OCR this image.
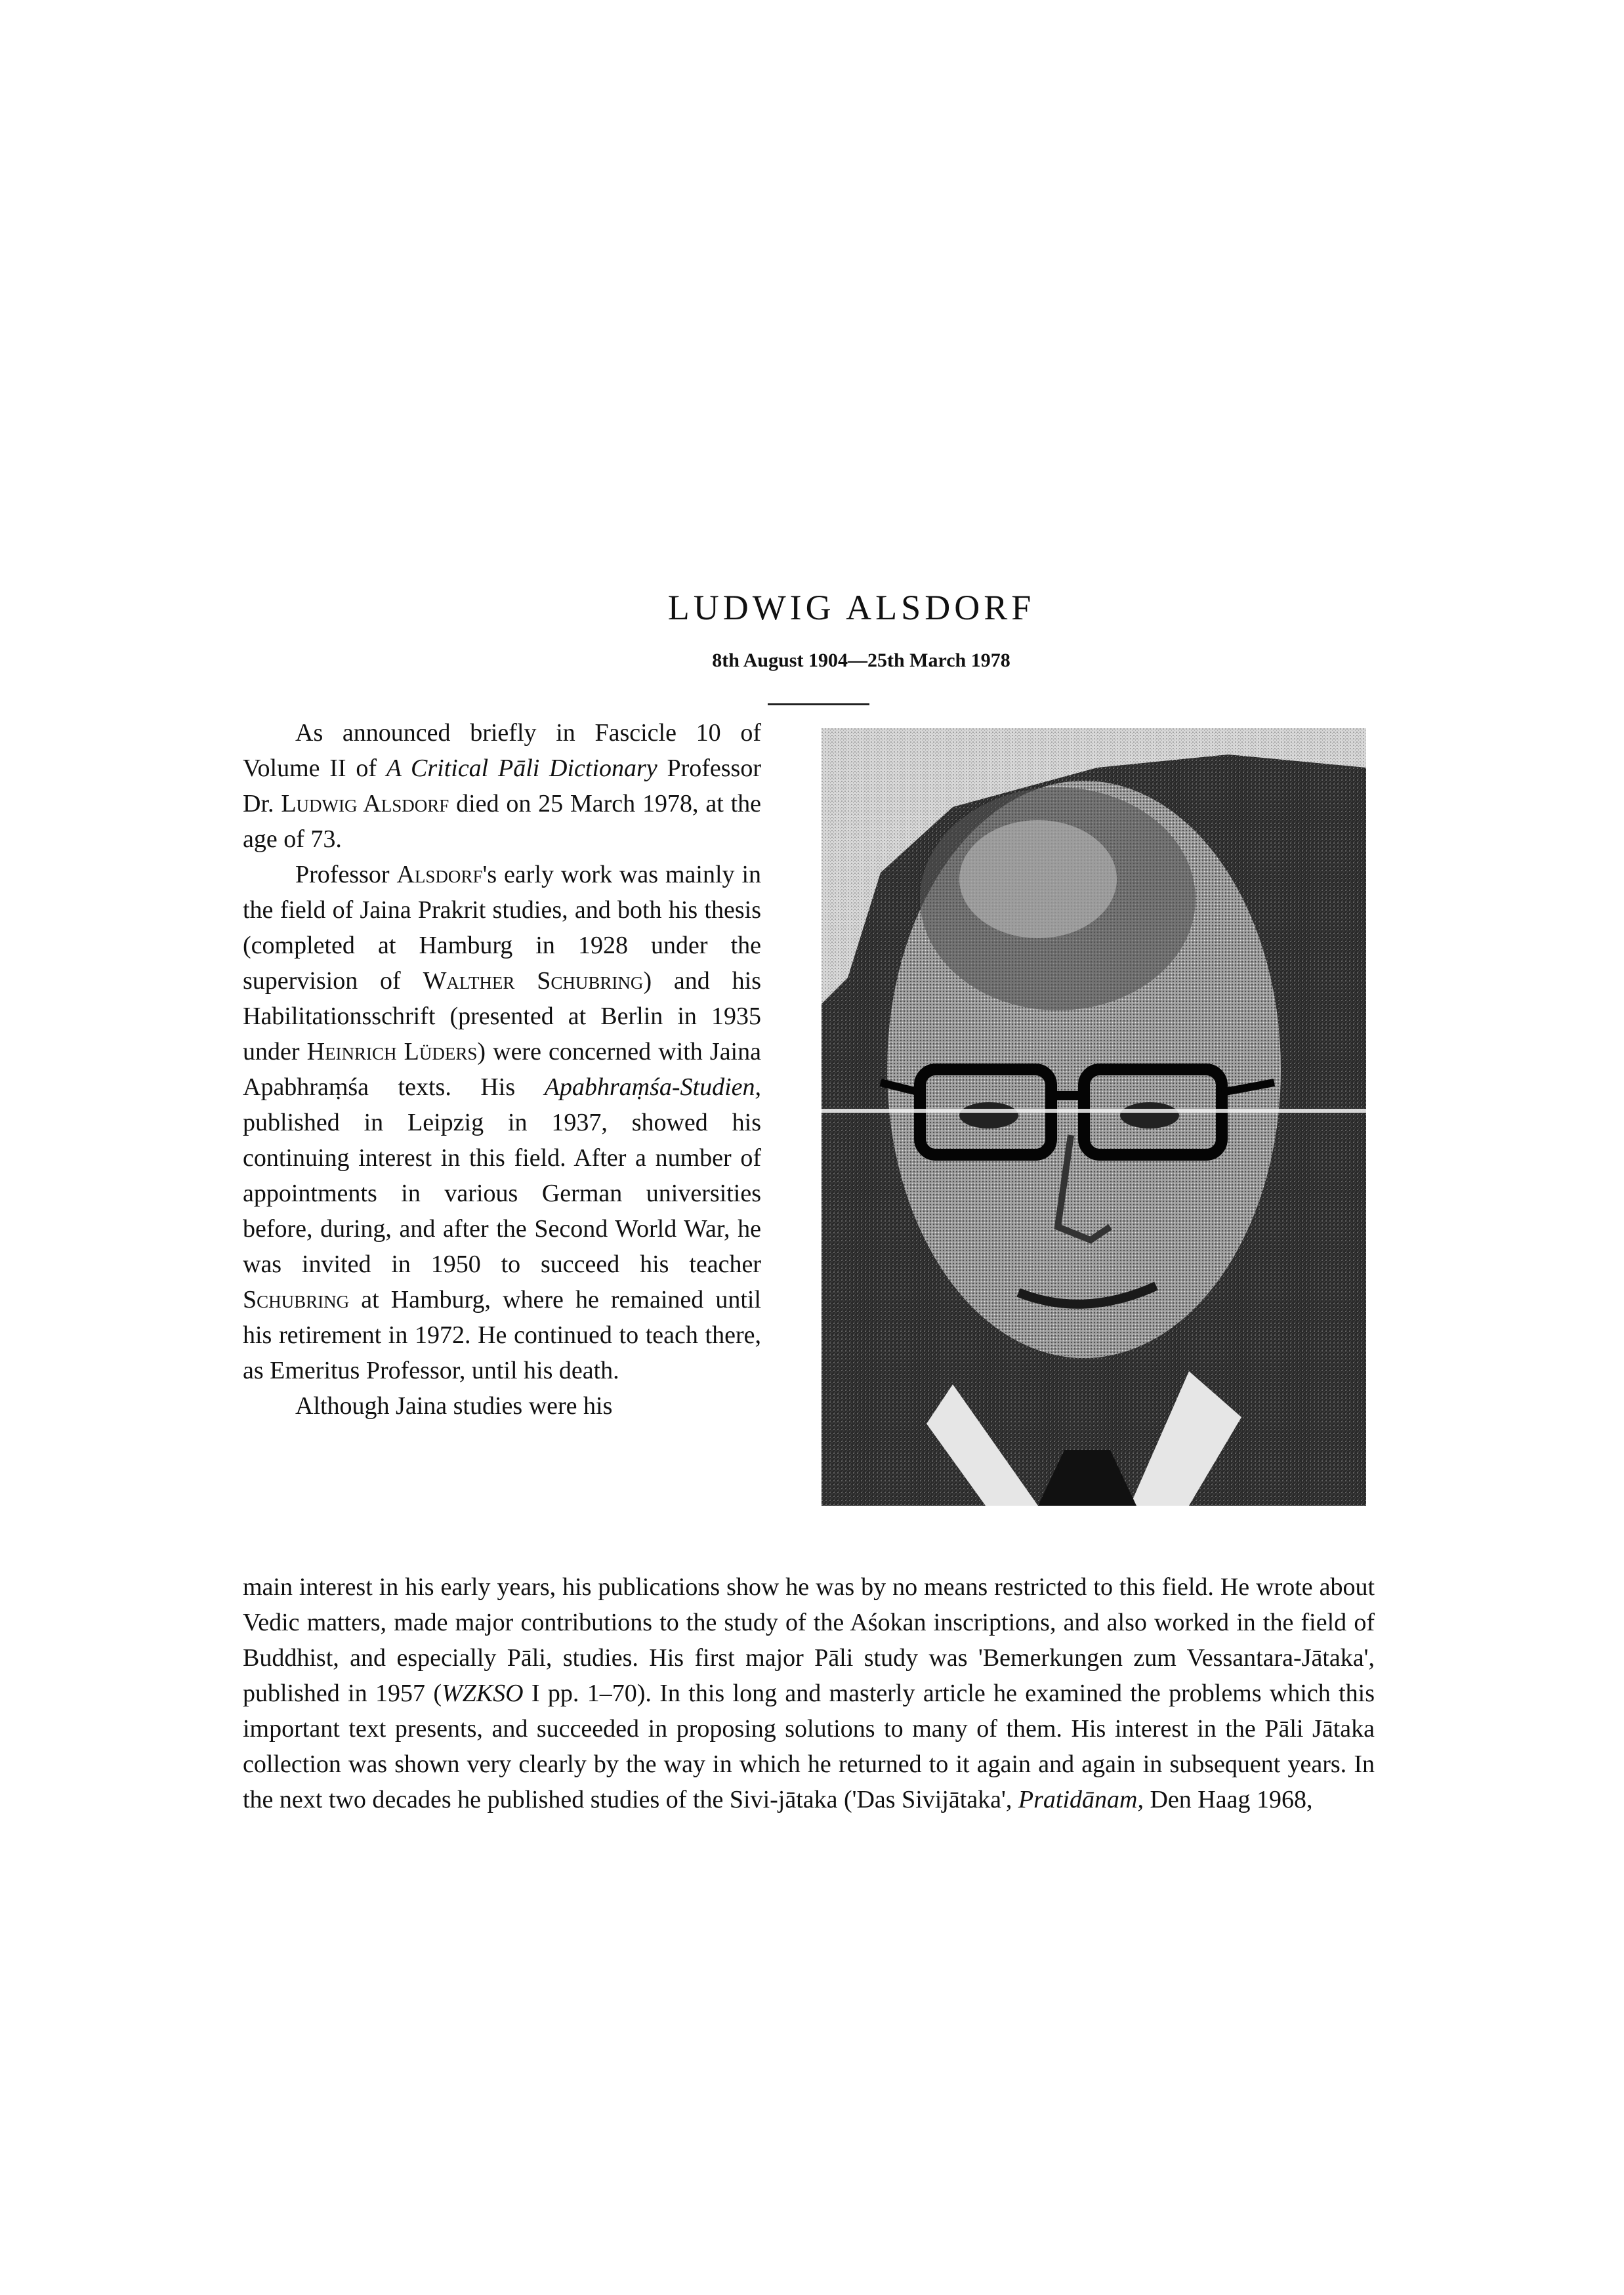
LUDWIG ALSDORF
8th August 1904—25th March 1978

As announced briefly in Fascicle 10 of Volume II of A Critical Pāli Dictionary Professor Dr. Ludwig Alsdorf died on 25 March 1978, at the age of 73.

Professor Alsdorf's early work was mainly in the field of Jaina Prakrit studies, and both his thesis (completed at Hamburg in 1928 under the supervision of Walther Schubring) and his Habilitationsschrift (presented at Berlin in 1935 under Heinrich Lüders) were concerned with Jaina Apabhraṃśa texts. His Apabhraṃśa-Studien, published in Leipzig in 1937, showed his continuing interest in this field. After a number of appointments in various German universities before, during, and after the Second World War, he was invited in 1950 to succeed his teacher Schubring at Hamburg, where he remained until his retirement in 1972. He continued to teach there, as Emeritus Professor, until his death.

Although Jaina studies were his

main interest in his early years, his publications show he was by no means restricted to this field. He wrote about Vedic matters, made major contributions to the study of the Aśokan inscriptions, and also worked in the field of Buddhist, and especially Pāli, studies. His first major Pāli study was 'Bemerkungen zum Vessantara-Jātaka', published in 1957 (WZKSO I pp. 1–70). In this long and masterly article he examined the problems which this important text presents, and succeeded in proposing solutions to many of them. His interest in the Pāli Jātaka collection was shown very clearly by the way in which he returned to it again and again in subsequent years. In the next two decades he published studies of the Sivi-jātaka ('Das Sivijātaka', Pratidānam, Den Haag 1968,
